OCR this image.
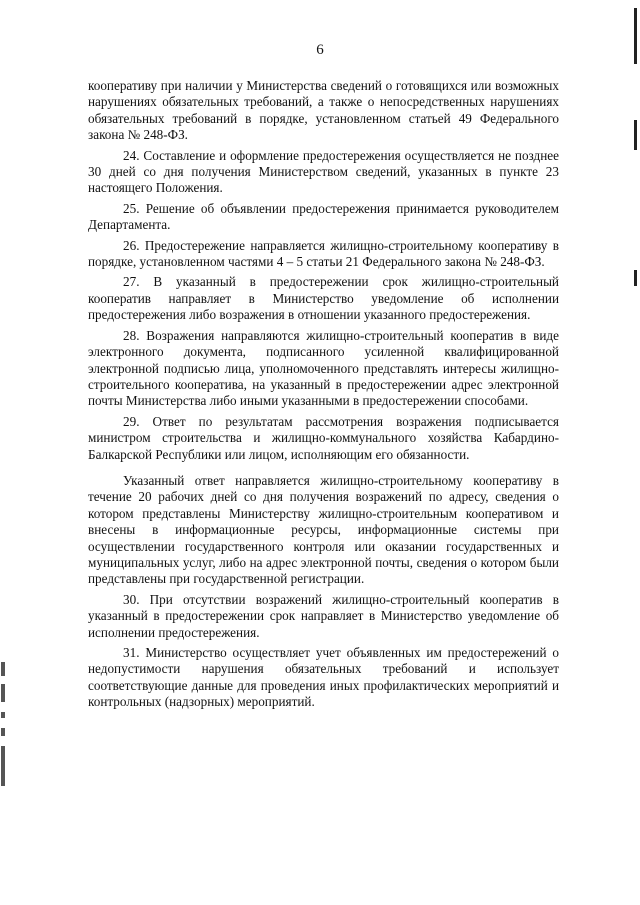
6

кооперативу при наличии у Министерства сведений о готовящихся или возможных нарушениях обязательных требований, а также о непосредственных нарушениях обязательных требований в порядке, установленном статьей 49 Федерального закона № 248-ФЗ.

24. Составление и оформление предостережения осуществляется не позднее 30 дней со дня получения Министерством сведений, указанных в пункте 23 настоящего Положения.

25. Решение об объявлении предостережения принимается руководителем Департамента.

26. Предостережение направляется жилищно-строительному кооперативу в порядке, установленном частями 4 – 5 статьи 21 Федерального закона № 248-ФЗ.

27. В указанный в предостережении срок жилищно-строительный кооператив направляет в Министерство уведомление об исполнении предостережения либо возражения в отношении указанного предостережения.

28. Возражения направляются жилищно-строительный кооператив в виде электронного документа, подписанного усиленной квалифицированной электронной подписью лица, уполномоченного представлять интересы жилищно-строительного кооператива, на указанный в предостережении адрес электронной почты Министерства либо иными указанными в предостережении способами.

29. Ответ по результатам рассмотрения возражения подписывается министром строительства и жилищно-коммунального хозяйства Кабардино-Балкарской Республики или лицом, исполняющим его обязанности.

Указанный ответ направляется жилищно-строительному кооперативу в течение 20 рабочих дней со дня получения возражений по адресу, сведения о котором представлены Министерству жилищно-строительным кооперативом и внесены в информационные ресурсы, информационные системы при осуществлении государственного контроля или оказании государственных и муниципальных услуг, либо на адрес электронной почты, сведения о котором были представлены при государственной регистрации.

30. При отсутствии возражений жилищно-строительный кооператив в указанный в предостережении срок направляет в Министерство уведомление об исполнении предостережения.

31. Министерство осуществляет учет объявленных им предостережений о недопустимости нарушения обязательных требований и использует соответствующие данные для проведения иных профилактических мероприятий и контрольных (надзорных) мероприятий.
